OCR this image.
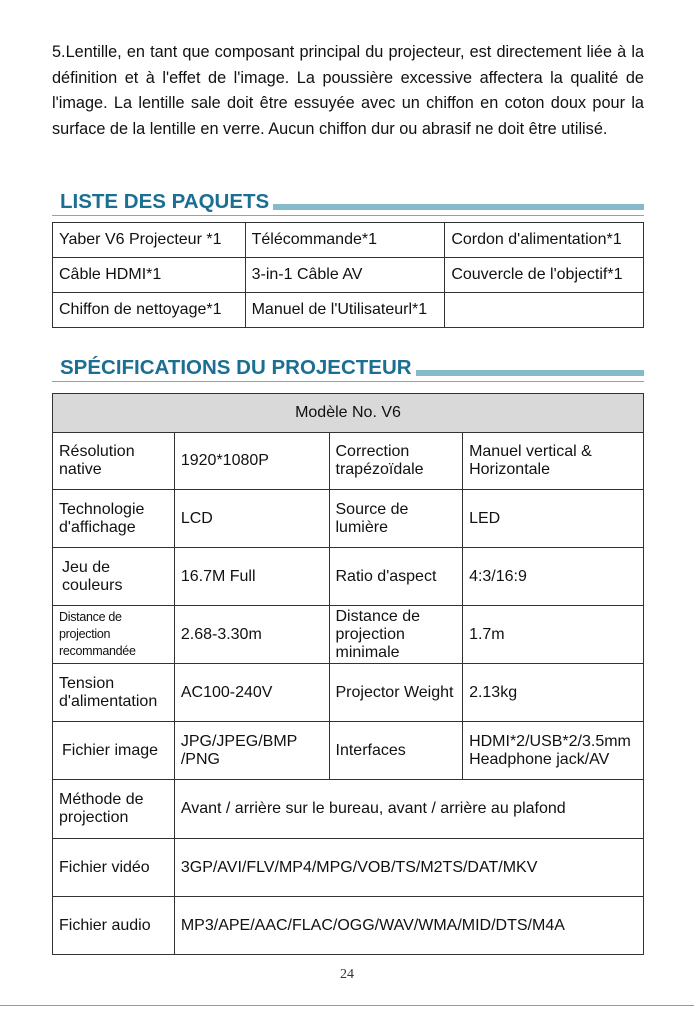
5.Lentille, en tant que composant principal du projecteur, est directement liée à la définition et à l'effet de l'image. La poussière excessive affectera la qualité de l'image. La lentille sale doit être essuyée avec un chiffon en coton doux pour la surface de la lentille en verre. Aucun chiffon dur ou abrasif ne doit être utilisé.

LISTE DES PAQUETS
Yaber V6 Projecteur *1	Télécommande*1	Cordon d'alimentation*1
Câble HDMI*1	3-in-1 Câble AV	Couvercle de l'objectif*1
Chiffon de nettoyage*1	Manuel de l'Utilisateurl*1	
SPÉCIFICATIONS DU PROJECTEUR
Modèle No. V6			
Résolution native	1920*1080P	Correction trapézoïdale	Manuel vertical & Horizontale
Technologie d'affichage	LCD	Source de lumière	LED
Jeu de couleurs	16.7M Full	Ratio d'aspect	4:3/16:9
Distance de projection recommandée	2.68-3.30m	Distance de projection minimale	1.7m
Tension d'alimentation	AC100-240V	Projector Weight	2.13kg
Fichier image	JPG/JPEG/BMP /PNG	Interfaces	HDMI*2/USB*2/3.5mm Headphone jack/AV
Méthode de projection	Avant / arrière sur le bureau, avant / arrière au plafond		
Fichier vidéo	3GP/AVI/FLV/MP4/MPG/VOB/TS/M2TS/DAT/MKV		
Fichier audio	MP3/APE/AAC/FLAC/OGG/WAV/WMA/MID/DTS/M4A		
24
